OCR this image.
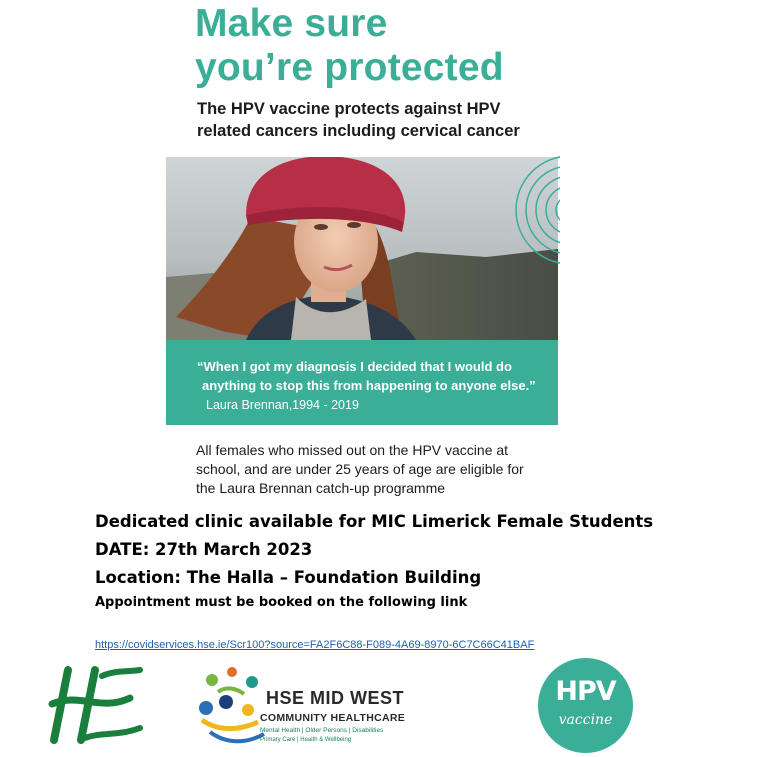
Make sure
you’re protected
The HPV vaccine protects against HPV
related cancers including cervical cancer
“When I got my diagnosis I decided that I would do
anything to stop this from happening to anyone else.”
Laura Brennan,1994 - 2019
All females who missed out on the HPV vaccine at
school, and are under 25 years of age are eligible for
the Laura Brennan catch-up programme
Dedicated clinic available for MIC Limerick Female Students
DATE: 27th March 2023
Location: The Halla – Foundation Building
Appointment must be booked on the following link
https://covidservices.hse.ie/Scr100?source=FA2F6C88-F089-4A69-8970-6C7C66C41BAF
HSE MID WEST
COMMUNITY HEALTHCARE
Mental Health | Older Persons | Disabilities
Primary Care | Health & Wellbeing
HPV
vaccine
